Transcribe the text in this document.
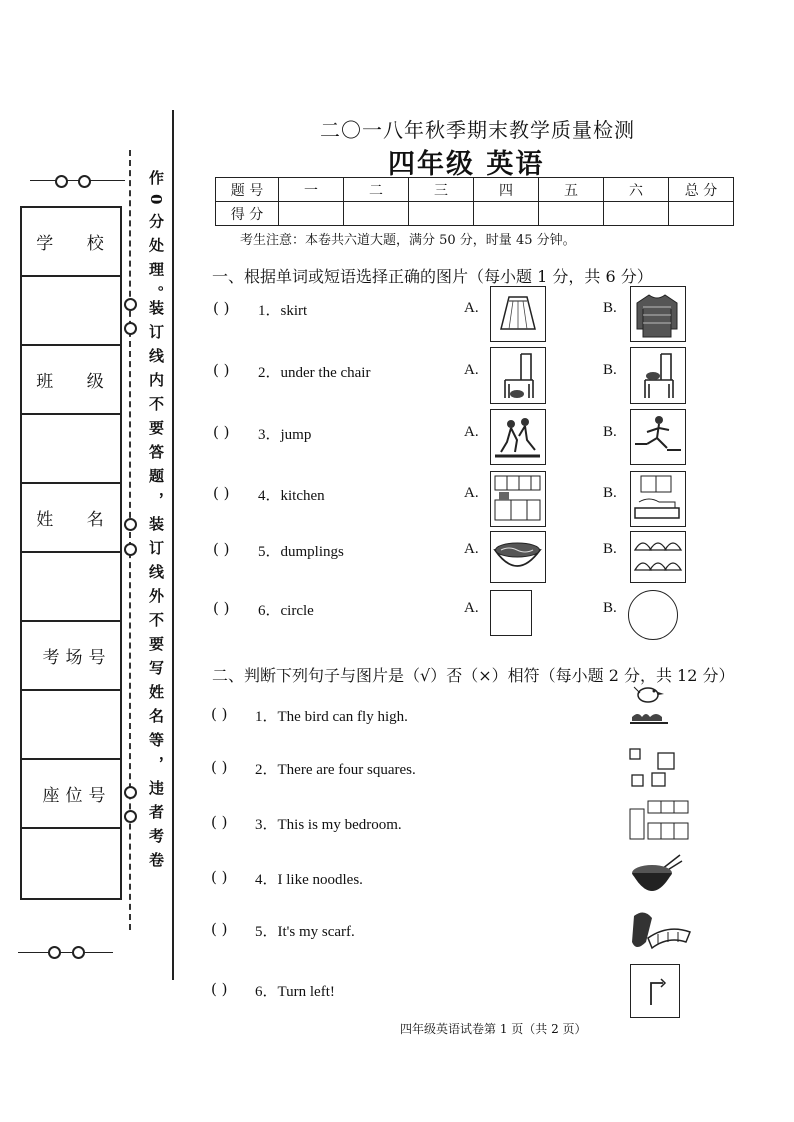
学 校
班 级
姓 名
考场号
座位号
作0分处理。
装订线内不要答题，装订线外不要写姓名等，违者考卷
二〇一八年秋季期末教学质量检测
四年级 英语
题 号	一	二	三	四	五	六	总 分
得 分							
考生注意：本卷共六道大题，满分 50 分，时量 45 分钟。
一、根据单词或短语选择正确的图片（每小题 1 分，共 6 分）
( ) 1．skirt	A.	B.
( ) 2．under the chair	A.	B.
( ) 3．jump	A.	B.
( ) 4．kitchen	A.	B.
( ) 5．dumplings	A.	B.
( ) 6．circle	A.	B.
二、判断下列句子与图片是（√）否（×）相符（每小题 2 分，共 12 分）
( ) 1．The bird can fly high.
( ) 2．There are four squares.
( ) 3．This is my bedroom.
( ) 4．I like noodles.
( ) 5．It's my scarf.
( ) 6．Turn left!
四年级英语试卷第 1 页（共 2 页）
